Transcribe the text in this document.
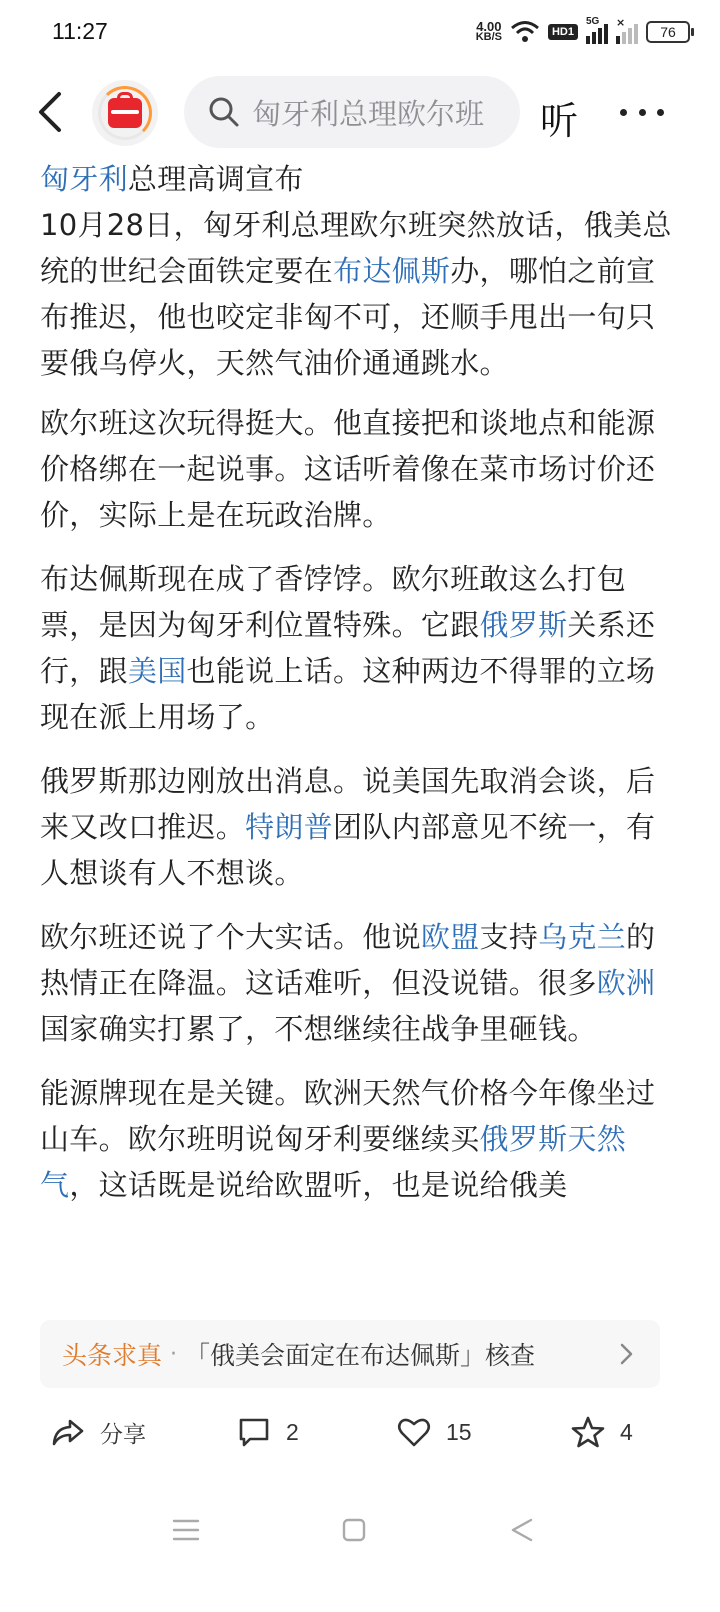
11:27	4.00
KB/S	HD1
5G ×
76
匈牙利总理欧尔班 听

匈牙利总理高调宣布
10月28日，匈牙利总理欧尔班突然放话，俄美总统的世纪会面铁定要在布达佩斯办，哪怕之前宣布推迟，他也咬定非匈不可，还顺手甩出一句只要俄乌停火，天然气油价通通跳水。

欧尔班这次玩得挺大。他直接把和谈地点和能源价格绑在一起说事。这话听着像在菜市场讨价还价，实际上是在玩政治牌。

布达佩斯现在成了香饽饽。欧尔班敢这么打包票，是因为匈牙利位置特殊。它跟俄罗斯关系还行，跟美国也能说上话。这种两边不得罪的立场现在派上用场了。

俄罗斯那边刚放出消息。说美国先取消会谈，后来又改口推迟。特朗普团队内部意见不统一，有人想谈有人不想谈。

欧尔班还说了个大实话。他说欧盟支持乌克兰的热情正在降温。这话难听，但没说错。很多欧洲国家确实打累了，不想继续往战争里砸钱。

能源牌现在是关键。欧洲天然气价格今年像坐过山车。欧尔班明说匈牙利要继续买俄罗斯天然气，这话既是说给欧盟听，也是说给俄美

头条求真 · 「俄美会面定在布达佩斯」核查
分享	2	15	4
